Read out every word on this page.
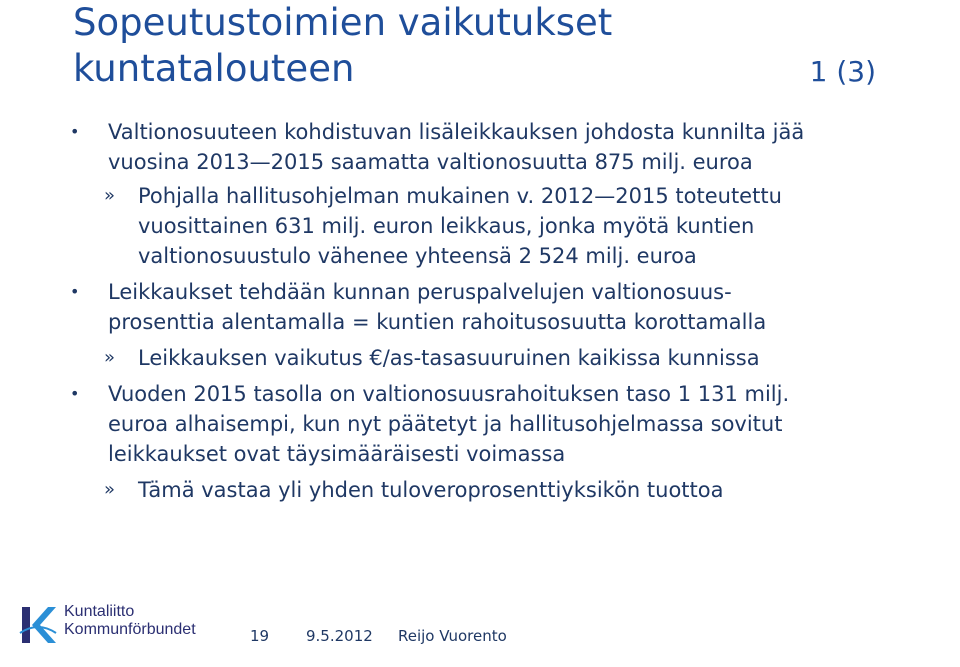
Sopeutustoimien vaikutukset
kuntatalouteen	1 (3)
•	Valtionosuuteen kohdistuvan lisäleikkauksen johdosta kunnilta jää
vuosina 2013—2015 saamatta valtionosuutta 875 milj. euroa
» Pohjalla hallitusohjelman mukainen v. 2012—2015 toteutettu
vuosittainen 631 milj. euron leikkaus, jonka myötä kuntien
valtionosuustulo vähenee yhteensä 2 524 milj. euroa
•	Leikkaukset tehdään kunnan peruspalvelujen valtionosuus-
prosenttia alentamalla = kuntien rahoitusosuutta korottamalla
» Leikkauksen vaikutus €/as-tasasuuruinen kaikissa kunnissa
•	Vuoden 2015 tasolla on valtionosuusrahoituksen taso 1 131 milj.
euroa alhaisempi, kun nyt päätetyt ja hallitusohjelmassa sovitut
leikkaukset ovat täysimääräisesti voimassa
» Tämä vastaa yli yhden tuloveroprosenttiyksikön tuottoa
Kuntaliitto
Kommunförbundet	19 9.5.2012 Reijo Vuorento
